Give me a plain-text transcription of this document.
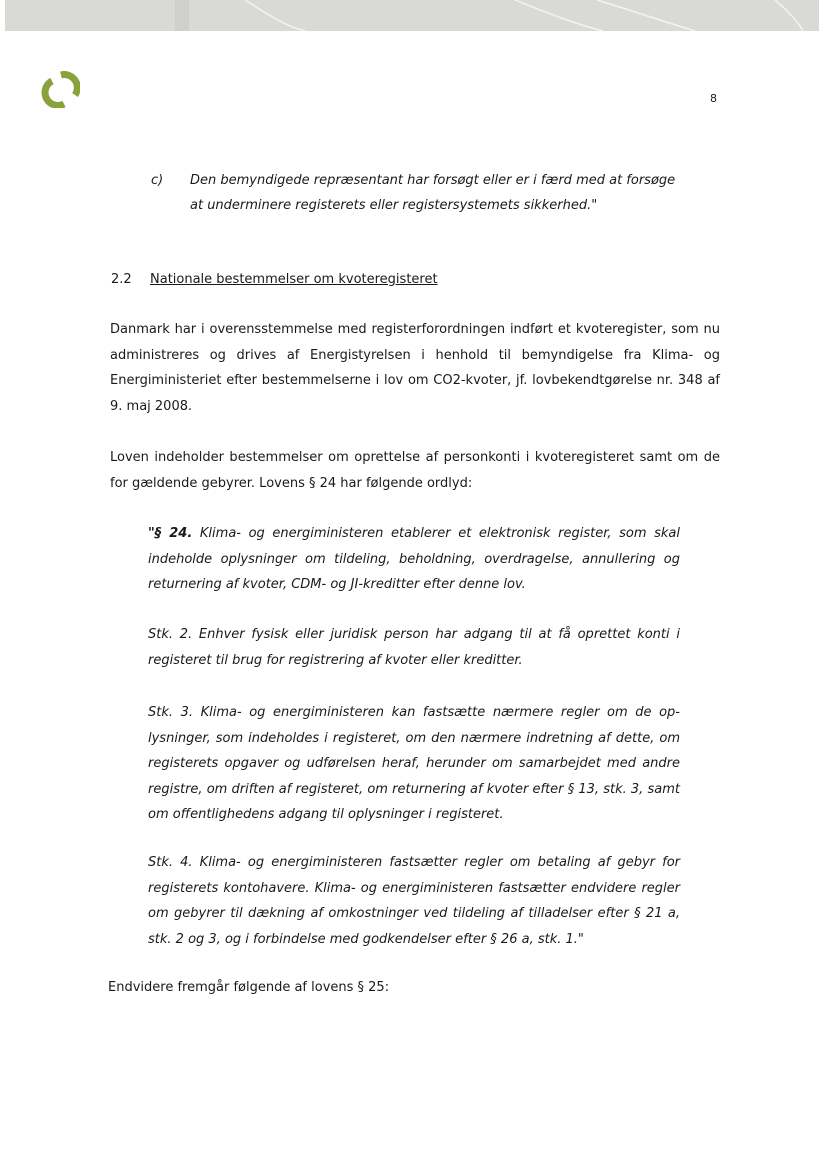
8
c) Den bemyndigede repræsentant har forsøgt eller er i færd med at forsøge at underminere registerets eller registersystemets sikkerhed."
2.2 Nationale bestemmelser om kvoteregisteret
Danmark har i overensstemmelse med registerforordningen indført et kvoteregister, som nu administreres og drives af Energistyrelsen i henhold til bemyndigelse fra Klima- og Energiministeriet efter bestemmelserne i lov om CO2-kvoter, jf. lovbekendtgørelse nr. 348 af 9. maj 2008.
Loven indeholder bestemmelser om oprettelse af personkonti i kvoteregisteret samt om de for gældende gebyrer. Lovens § 24 har følgende ordlyd:
"§ 24. Klima- og energiministeren etablerer et elektronisk register, som skal indeholde oplysninger om tildeling, beholdning, overdragelse, annullering og returnering af kvoter, CDM- og JI-kreditter efter denne lov.
Stk. 2. Enhver fysisk eller juridisk person har adgang til at få oprettet konti i registeret til brug for registrering af kvoter eller kreditter.
Stk. 3. Klima- og energiministeren kan fastsætte nærmere regler om de oplysninger, som indeholdes i registeret, om den nærmere indretning af dette, om registerets opgaver og udførelsen heraf, herunder om samarbejdet med andre registre, om driften af registeret, om returnering af kvoter efter § 13, stk. 3, samt om offentlighedens adgang til oplysninger i registeret.
Stk. 4. Klima- og energiministeren fastsætter regler om betaling af gebyr for registerets kontohavere. Klima- og energiministeren fastsætter endvidere regler om gebyrer til dækning af omkostninger ved tildeling af tilladelser efter § 21 a, stk. 2 og 3, og i forbindelse med godkendelser efter § 26 a, stk. 1."
Endvidere fremgår følgende af lovens § 25:
